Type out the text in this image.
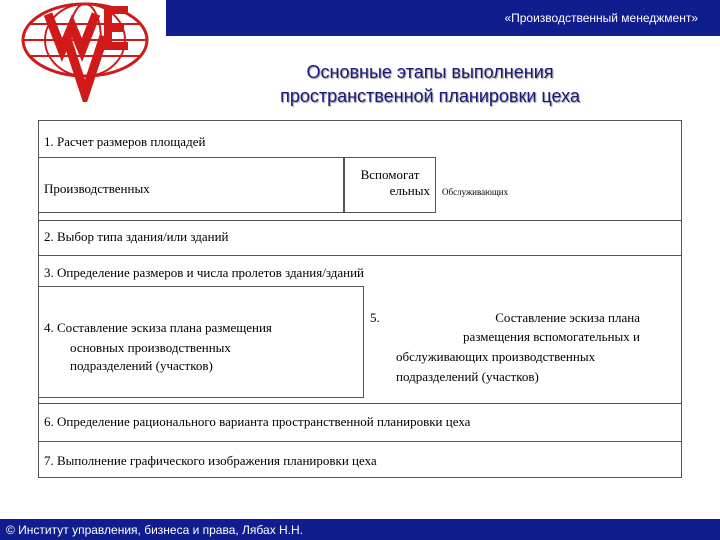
«Производственный менеджмент»
Основные этапы выполнения
пространственной планировки цеха
1. Расчет размеров площадей
Производственных
Вспомогат
ельных Обслуживающих
2. Выбор типа здания/или зданий
3. Определение размеров и числа пролетов здания/зданий
4. Составление эскиза плана размещения
основных производственных
подразделений (участков)
5.	Составление эскиза плана
размещения вспомогательных и
обслуживающих производственных
подразделений (участков)
6. Определение рационального варианта пространственной планировки цеха
7. Выполнение графического изображения планировки цеха
© Институт управления, бизнеса и права, Лябах Н.Н.
